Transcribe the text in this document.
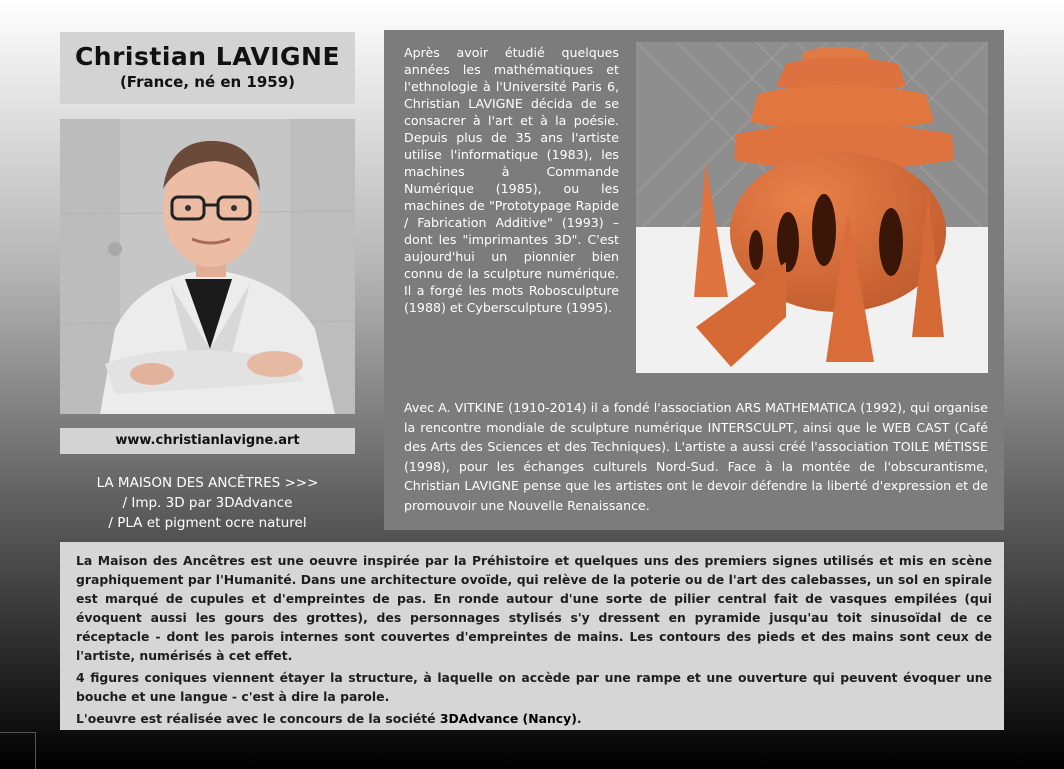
Christian LAVIGNE
(France, né en 1959)
www.christianlavigne.art
LA MAISON DES ANCÊTRES >>>
/ Imp. 3D par 3DAdvance
/ PLA et pigment ocre naturel

Après avoir étudié quelques années les mathématiques et l'ethnologie à l'Université Paris 6, Christian LAVIGNE décida de se consacrer à l'art et à la poésie. Depuis plus de 35 ans l'artiste utilise l'informatique (1983), les machines à Commande Numérique (1985), ou les machines de "Prototypage Rapide / Fabrication Additive" (1993) – dont les "imprimantes 3D". C'est aujourd'hui un pionnier bien connu de la sculpture numérique. Il a forgé les mots Robosculpture (1988) et Cybersculpture (1995).

Avec A. VITKINE (1910-2014) il a fondé l'association ARS MATHEMATICA (1992), qui organise la rencontre mondiale de sculpture numérique INTERSCULPT, ainsi que le WEB CAST (Café des Arts des Sciences et des Techniques). L'artiste a aussi créé l'association TOILE MÉTISSE (1998), pour les échanges culturels Nord-Sud. Face à la montée de l'obscurantisme, Christian LAVIGNE pense que les artistes ont le devoir défendre la liberté d'expression et de promouvoir une Nouvelle Renaissance.

La Maison des Ancêtres est une oeuvre inspirée par la Préhistoire et quelques uns des premiers signes utilisés et mis en scène graphiquement par l'Humanité. Dans une architecture ovoïde, qui relève de la poterie ou de l'art des calebasses, un sol en spirale est marqué de cupules et d'empreintes de pas. En ronde autour d'une sorte de pilier central fait de vasques empilées (qui évoquent aussi les gours des grottes), des personnages stylisés s'y dressent en pyramide jusqu'au toit sinusoïdal de ce réceptacle - dont les parois internes sont couvertes d'empreintes de mains. Les contours des pieds et des mains sont ceux de l'artiste, numérisés à cet effet.

4 figures coniques viennent étayer la structure, à laquelle on accède par une rampe et une ouverture qui peuvent évoquer une bouche et une langue - c'est à dire la parole.

L'oeuvre est réalisée avec le concours de la société 3DAdvance (Nancy).
